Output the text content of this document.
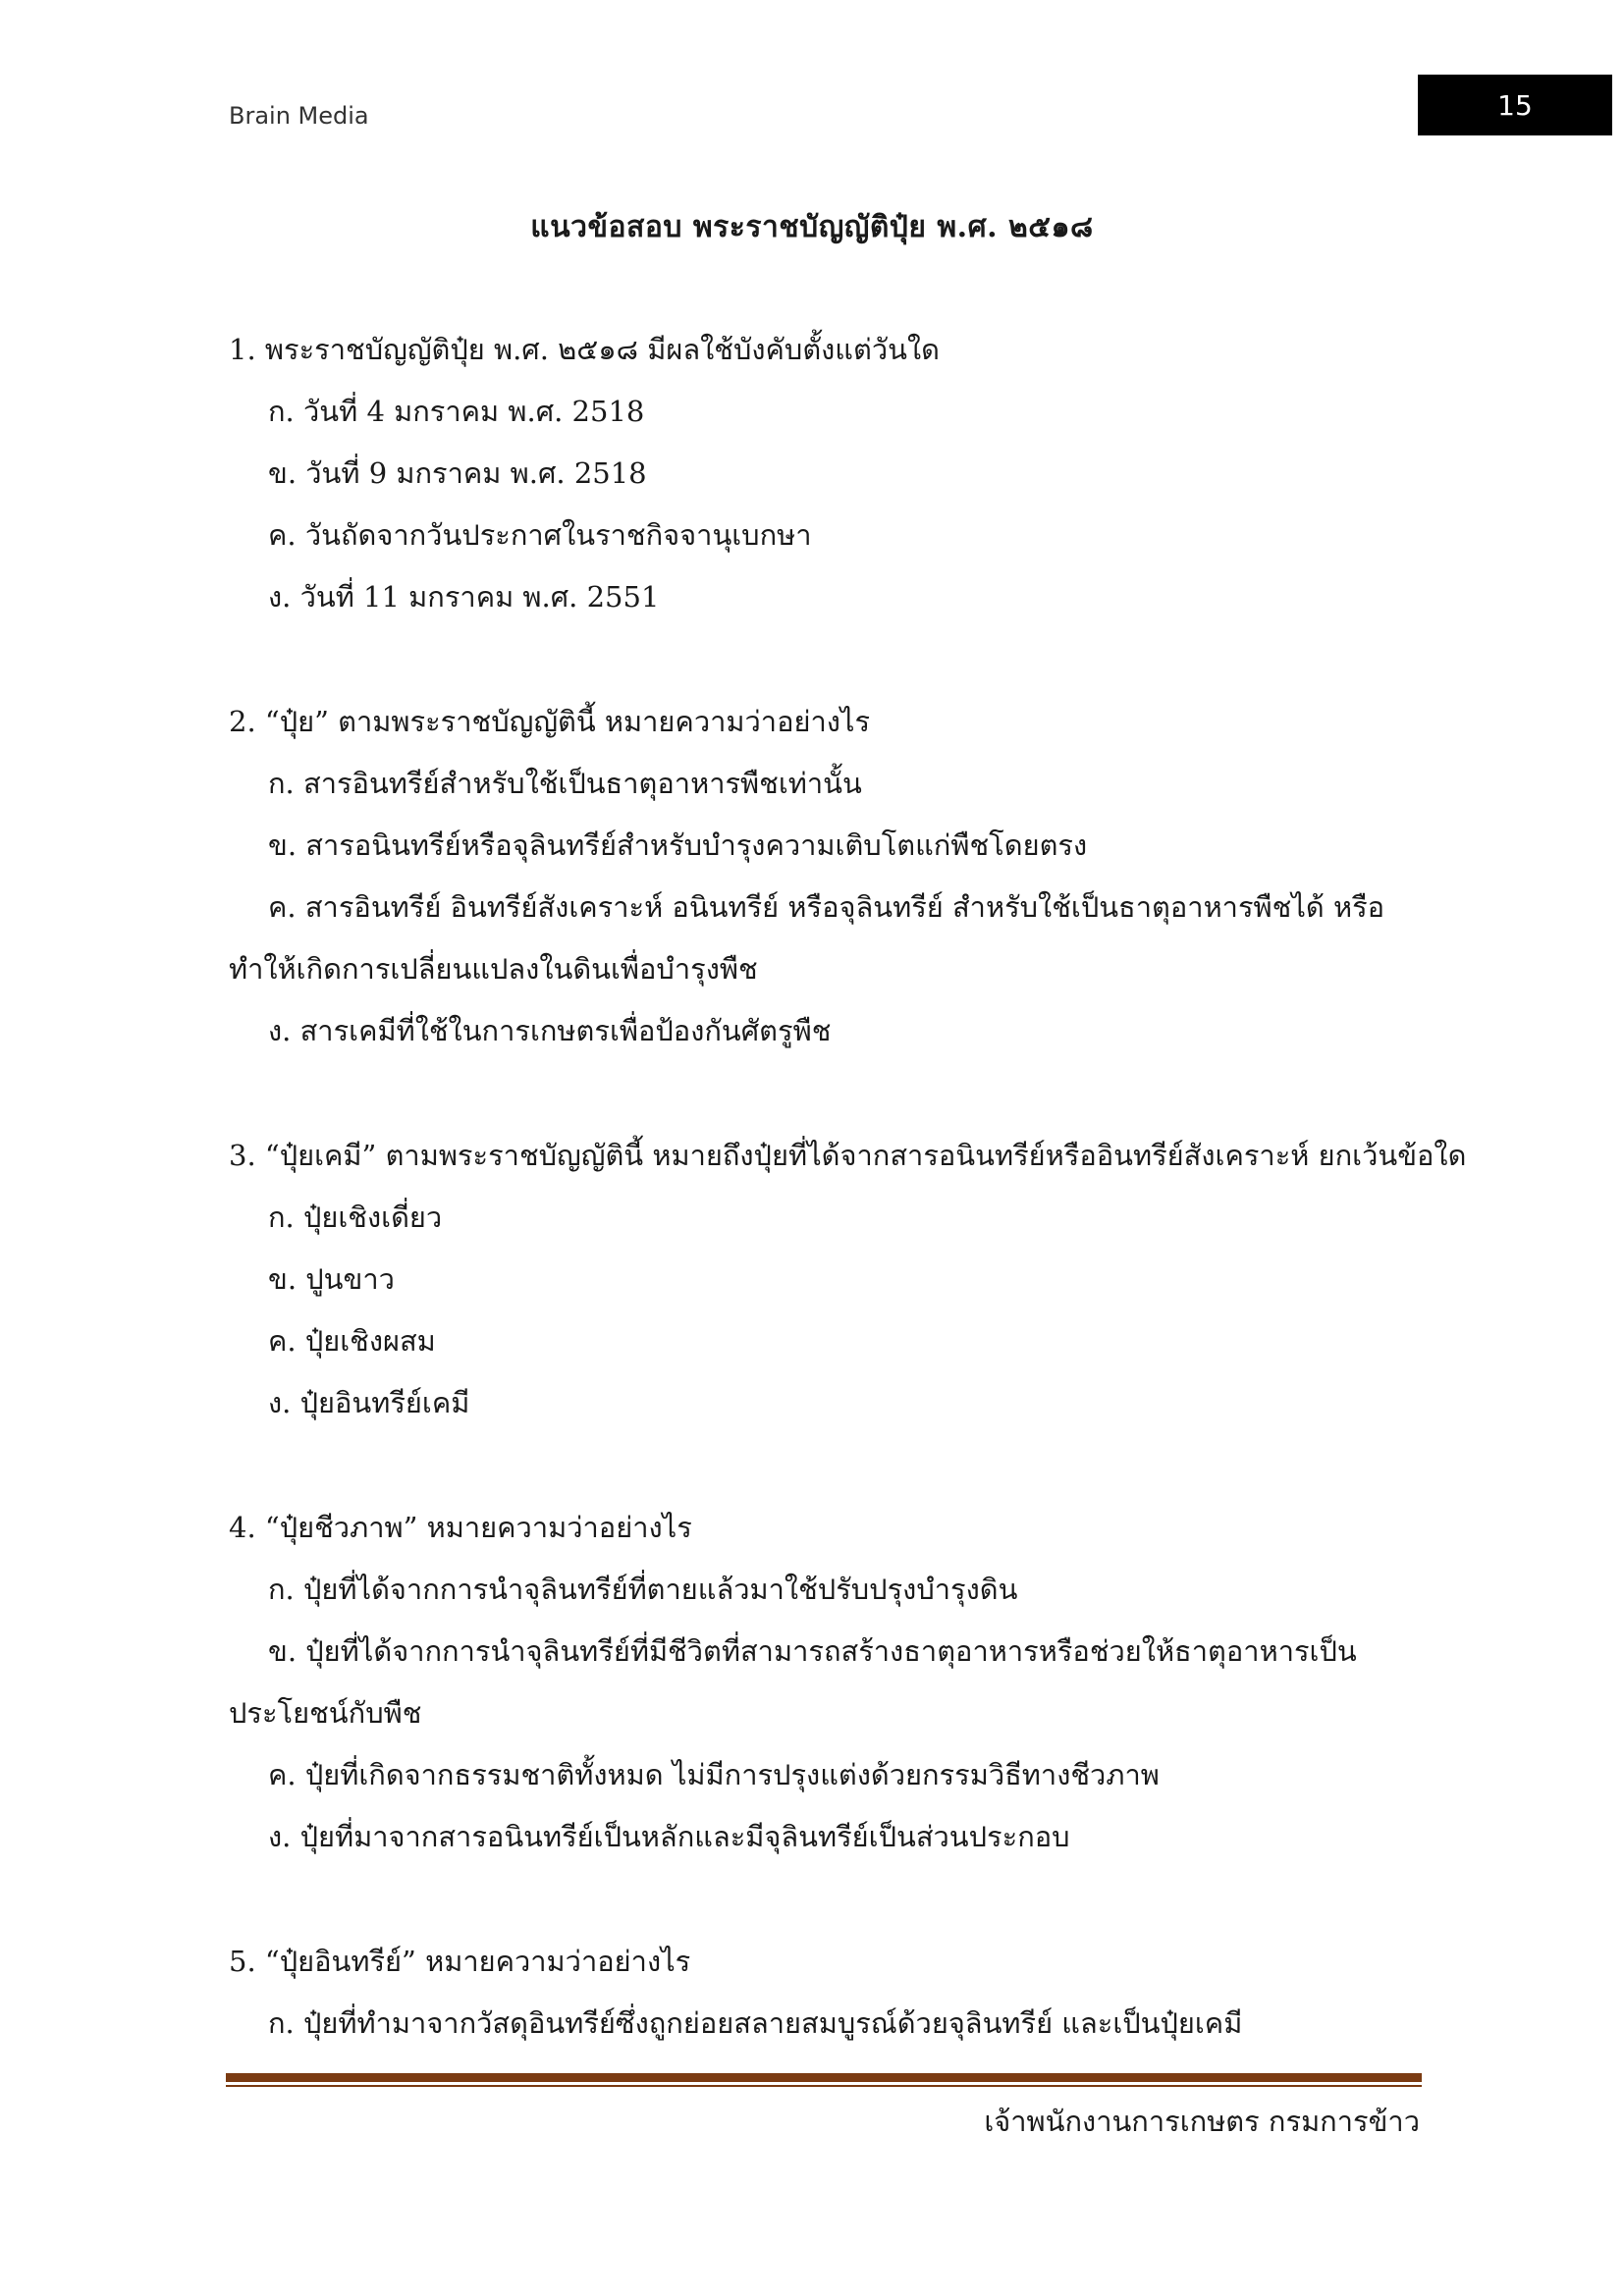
Brain Media	15
แนวข้อสอบ พระราชบัญญัติปุ๋ย พ.ศ. ๒๕๑๘
1. พระราชบัญญัติปุ๋ย พ.ศ. ๒๕๑๘ มีผลใช้บังคับตั้งแต่วันใด
ก. วันที่ 4 มกราคม พ.ศ. 2518
ข. วันที่ 9 มกราคม พ.ศ. 2518
ค. วันถัดจากวันประกาศในราชกิจจานุเบกษา
ง. วันที่ 11 มกราคม พ.ศ. 2551
2. “ปุ๋ย” ตามพระราชบัญญัตินี้ หมายความว่าอย่างไร
ก. สารอินทรีย์สำหรับใช้เป็นธาตุอาหารพืชเท่านั้น
ข. สารอนินทรีย์หรือจุลินทรีย์สำหรับบำรุงความเติบโตแก่พืชโดยตรง
ค. สารอินทรีย์ อินทรีย์สังเคราะห์ อนินทรีย์ หรือจุลินทรีย์ สำหรับใช้เป็นธาตุอาหารพืชได้ หรือทำให้เกิดการเปลี่ยนแปลงในดินเพื่อบำรุงพืช
ง. สารเคมีที่ใช้ในการเกษตรเพื่อป้องกันศัตรูพืช
3. “ปุ๋ยเคมี” ตามพระราชบัญญัตินี้ หมายถึงปุ๋ยที่ได้จากสารอนินทรีย์หรืออินทรีย์สังเคราะห์ ยกเว้นข้อใด
ก. ปุ๋ยเชิงเดี่ยว
ข. ปูนขาว
ค. ปุ๋ยเชิงผสม
ง. ปุ๋ยอินทรีย์เคมี
4. “ปุ๋ยชีวภาพ” หมายความว่าอย่างไร
ก. ปุ๋ยที่ได้จากการนำจุลินทรีย์ที่ตายแล้วมาใช้ปรับปรุงบำรุงดิน
ข. ปุ๋ยที่ได้จากการนำจุลินทรีย์ที่มีชีวิตที่สามารถสร้างธาตุอาหารหรือช่วยให้ธาตุอาหารเป็นประโยชน์กับพืช
ค. ปุ๋ยที่เกิดจากธรรมชาติทั้งหมด ไม่มีการปรุงแต่งด้วยกรรมวิธีทางชีวภาพ
ง. ปุ๋ยที่มาจากสารอนินทรีย์เป็นหลักและมีจุลินทรีย์เป็นส่วนประกอบ
5. “ปุ๋ยอินทรีย์” หมายความว่าอย่างไร
ก. ปุ๋ยที่ทำมาจากวัสดุอินทรีย์ซึ่งถูกย่อยสลายสมบูรณ์ด้วยจุลินทรีย์ และเป็นปุ๋ยเคมี
เจ้าพนักงานการเกษตร กรมการข้าว
